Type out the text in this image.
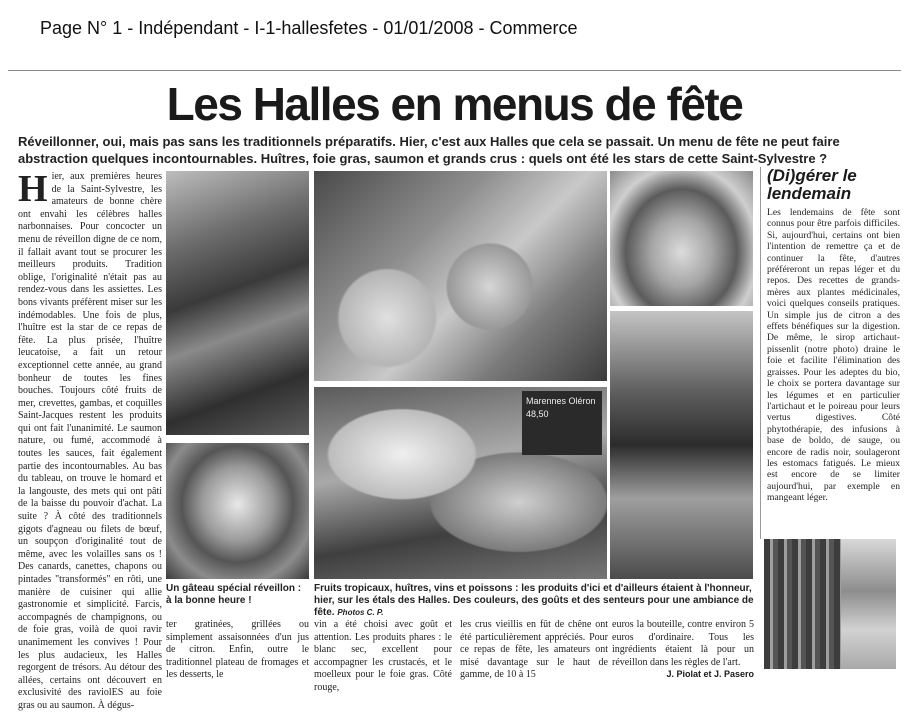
Page N° 1 - Indépendant - I-1-hallesfetes - 01/01/2008 - Commerce
Les Halles en menus de fête
Réveillonner, oui, mais pas sans les traditionnels préparatifs. Hier, c'est aux Halles que cela se passait. Un menu de fête ne peut faire abstraction quelques incontournables. Huîtres, foie gras, saumon et grands crus : quels ont été les stars de cette Saint-Sylvestre ?
H ier, aux premières heures de la Saint-Sylvestre, les amateurs de bonne chère ont envahi les célèbres halles narbonnaises. Pour concocter un menu de réveillon digne de ce nom, il fallait avant tout se procurer les meilleurs produits. Tradition oblige, l'originalité n'était pas au rendez-vous dans les assiettes. Les bons vivants préfèrent miser sur les indémodables. Une fois de plus, l'huître est la star de ce repas de fête. La plus prisée, l'huître leucatoise, a fait un retour exceptionnel cette année, au grand bonheur de toutes les fines bouches. Toujours côté fruits de mer, crevettes, gambas, et coquilles Saint-Jacques restent les produits qui ont fait l'unanimité. Le saumon nature, ou fumé, accommodé à toutes les sauces, fait également partie des incontournables. Au bas du tableau, on trouve le homard et la langouste, des mets qui ont pâti de la baisse du pouvoir d'achat. La suite ? À côté des traditionnels gigots d'agneau ou filets de bœuf, un soupçon d'originalité tout de même, avec les volailles sans os ! Des canards, canettes, chapons ou pintades "transformés" en rôti, une manière de cuisiner qui allie gastronomie et simplicité. Farcis, accompagnés de champignons, ou de foie gras, voilà de quoi ravir unanimement les convives ! Pour les plus audacieux, les Halles regorgent de trésors. Au détour des allées, certains ont découvert en exclusivité des raviolES au foie gras ou au saumon. À dégus-
Marennes Oléron 48,50
Un gâteau spécial réveillon : à la bonne heure !
Fruits tropicaux, huîtres, vins et poissons : les produits d'ici et d'ailleurs étaient à l'honneur, hier, sur les étals des Halles. Des couleurs, des goûts et des senteurs pour une ambiance de fête. Photos C. P.
ter gratinées, grillées ou simplement assaisonnées d'un jus de citron. Enfin, outre le traditionnel plateau de fromages et les desserts, le
vin a été choisi avec goût et attention. Les produits phares : le blanc sec, excellent pour accompagner les crustacés, et le moelleux pour le foie gras. Côté rouge,
les crus vieillis en fût de chêne ont été particulièrement appréciés. Pour ce repas de fête, les amateurs ont misé davantage sur le haut de gamme, de 10 à 15
euros la bouteille, contre environ 5 euros d'ordinaire. Tous les ingrédients étaient là pour un réveillon dans les règles de l'art.
J. Piolat et J. Pasero
(Di)gérer le lendemain
Les lendemains de fête sont connus pour être parfois difficiles. Si, aujourd'hui, certains ont bien l'intention de remettre ça et de continuer la fête, d'autres préféreront un repas léger et du repos. Des recettes de grands-mères aux plantes médicinales, voici quelques conseils pratiques. Un simple jus de citron a des effets bénéfiques sur la digestion. De même, le sirop artichaut-pissenlit (notre photo) draine le foie et facilite l'élimination des graisses. Pour les adeptes du bio, le choix se portera davantage sur les légumes et en particulier l'artichaut et le poireau pour leurs vertus digestives. Côté phytothérapie, des infusions à base de boldo, de sauge, ou encore de radis noir, soulageront les estomacs fatigués. Le mieux est encore de se limiter aujourd'hui, par exemple en mangeant léger.
